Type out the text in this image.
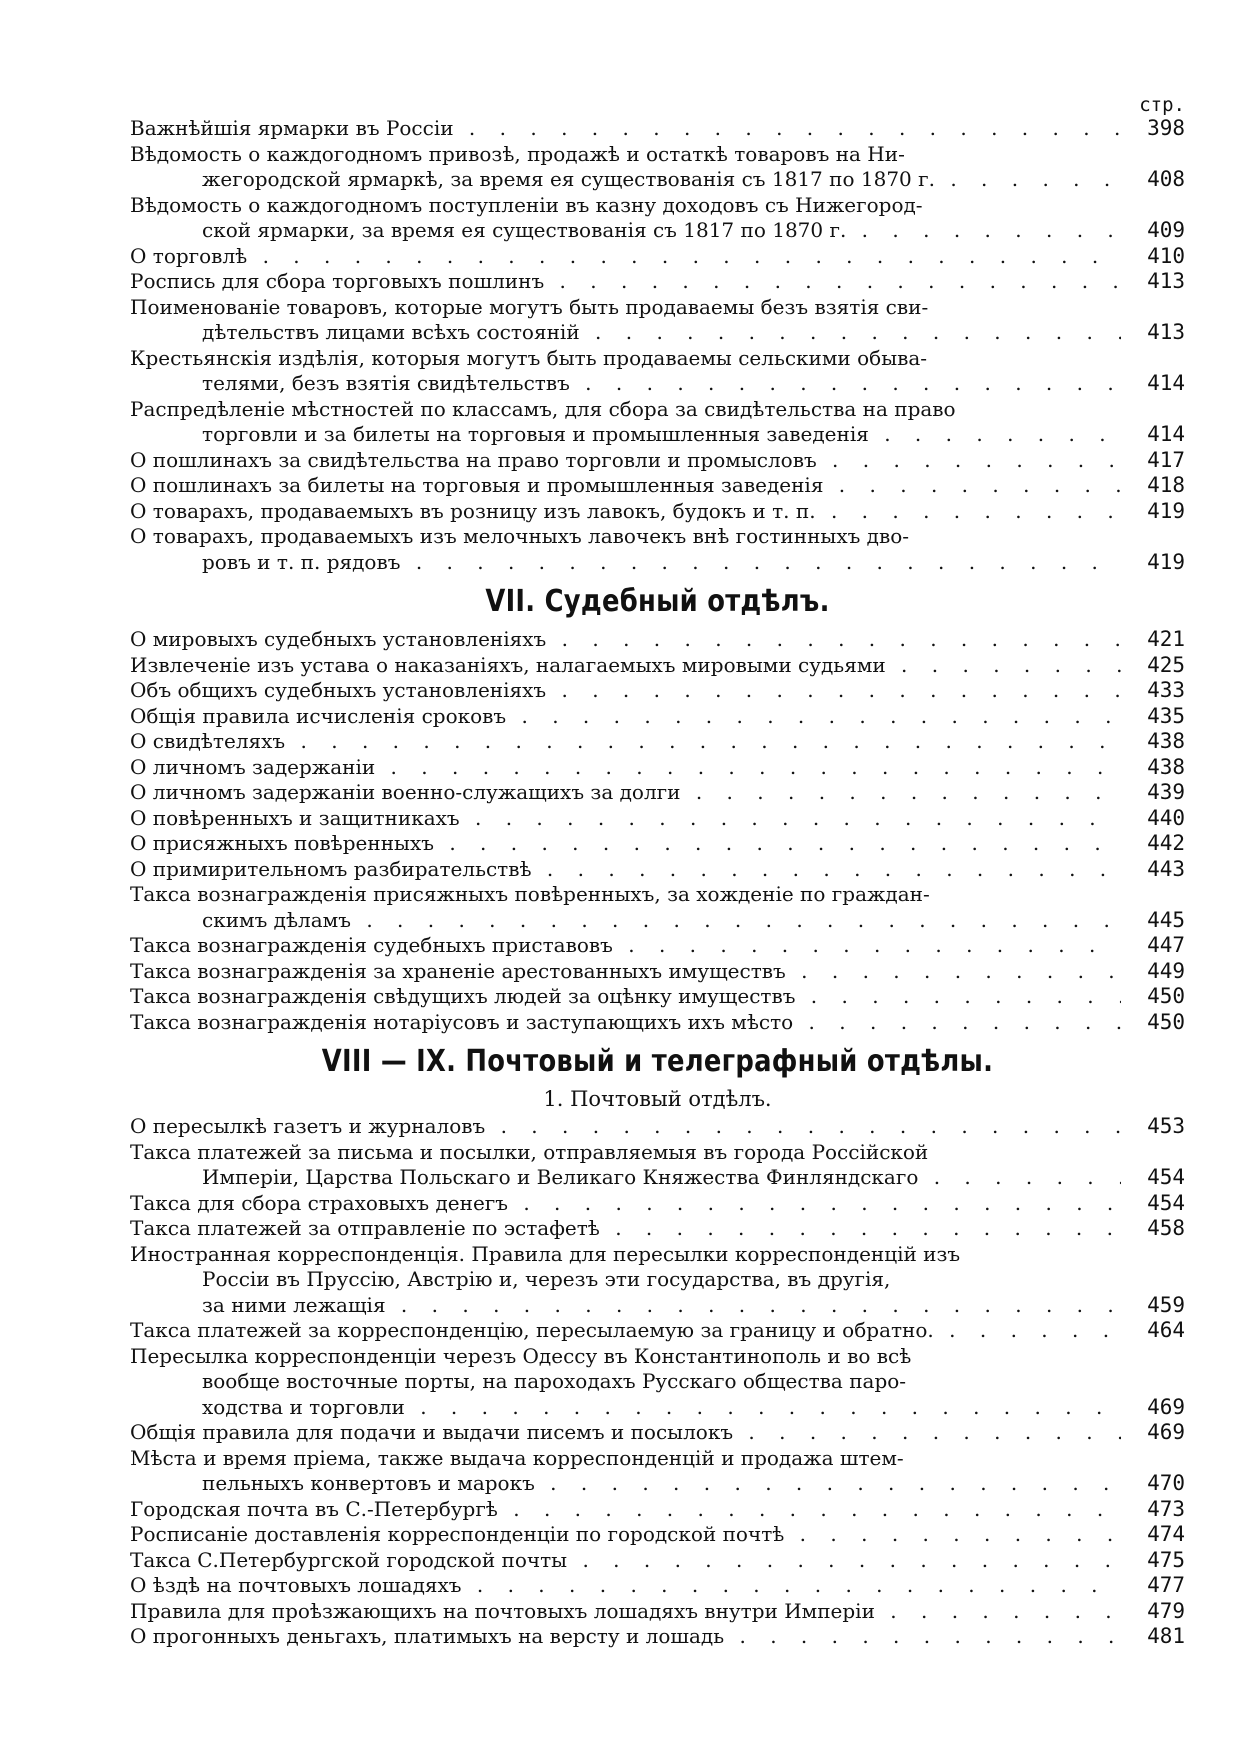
стр.
Важнѣйшія ярмарки въ Россіи . . .	398
Вѣдомость о каждогодномъ привозѣ, продажѣ и остаткѣ товаровъ на Ни-
жегородской ярмаркѣ, за время ея существованія съ 1817 по 1870 г. . . .	408
Вѣдомость о каждогодномъ поступленіи въ казну доходовъ съ Нижегород-
ской ярмарки, за время ея существованія съ 1817 по 1870 г. . . .	409
О торговлѣ . . .	410
Роспись для сбора торговыхъ пошлинъ . . .	413
Поименованіе товаровъ, которые могутъ быть продаваемы безъ взятія сви-
дѣтельствъ лицами всѣхъ состояній . . .	413
Крестьянскія издѣлія, которыя могутъ быть продаваемы сельскими обыва-
телями, безъ взятія свидѣтельствъ . . .	414
Распредѣленіе мѣстностей по классамъ, для сбора за свидѣтельства на право
торговли и за билеты на торговыя и промышленныя заведенія . . .	414
О пошлинахъ за свидѣтельства на право торговли и промысловъ . . .	417
О пошлинахъ за билеты на торговыя и промышленныя заведенія . . .	418
О товарахъ, продаваемыхъ въ розницу изъ лавокъ, будокъ и т. п. . . .	419
О товарахъ, продаваемыхъ изъ мелочныхъ лавочекъ внѣ гостинныхъ дво-
ровъ и т. п. рядовъ . . .	419
VII. Судебный отдѣлъ.
О мировыхъ судебныхъ установленіяхъ . . .	421
Извлеченіе изъ устава о наказаніяхъ, налагаемыхъ мировыми судьями . . .	425
Объ общихъ судебныхъ установленіяхъ . . .	433
Общія правила исчисленія сроковъ . . .	435
О свидѣтеляхъ . . .	438
О личномъ задержаніи . . .	438
О личномъ задержаніи военно-служащихъ за долги . . .	439
О повѣренныхъ и защитникахъ . . .	440
О присяжныхъ повѣренныхъ . . .	442
О примирительномъ разбирательствѣ . . .	443
Такса вознагражденія присяжныхъ повѣренныхъ, за хожденіе по граждан-
скимъ дѣламъ . . .	445
Такса вознагражденія судебныхъ приставовъ . . .	447
Такса вознагражденія за храненіе арестованныхъ имуществъ . . .	449
Такса вознагражденія свѣдущихъ людей за оцѣнку имуществъ . . .	450
Такса вознагражденія нотаріусовъ и заступающихъ ихъ мѣсто . . .	450
VIII — IX. Почтовый и телеграфный отдѣлы.
1. Почтовый отдѣлъ.
О пересылкѣ газетъ и журналовъ . . .	453
Такса платежей за письма и посылки, отправляемыя въ города Россійской
Имперіи, Царства Польскаго и Великаго Княжества Финляндскаго . . .	454
Такса для сбора страховыхъ денегъ . . .	454
Такса платежей за отправленіе по эстафетѣ . . .	458
Иностранная корреспонденція. Правила для пересылки корреспонденцій изъ
Россіи въ Пруссію, Австрію и, черезъ эти государства, въ другія,
за ними лежащія . . .	459
Такса платежей за корреспонденцію, пересылаемую за границу и обратно. . . .	464
Пересылка корреспонденціи черезъ Одессу въ Константинополь и во всѣ
вообще восточные порты, на пароходахъ Русскаго общества паро-
ходства и торговли . . .	469
Общія правила для подачи и выдачи писемъ и посылокъ . . .	469
Мѣста и время пріема, также выдача корреспонденцій и продажа штем-
пельныхъ конвертовъ и марокъ . . .	470
Городская почта въ С.-Петербургѣ . . .	473
Росписаніе доставленія корреспонденціи по городской почтѣ . . .	474
Такса С.Петербургской городской почты . . .	475
О ѣздѣ на почтовыхъ лошадяхъ . . .	477
Правила для проѣзжающихъ на почтовыхъ лошадяхъ внутри Имперіи . . .	479
О прогонныхъ деньгахъ, платимыхъ на версту и лошадь . . .	481
